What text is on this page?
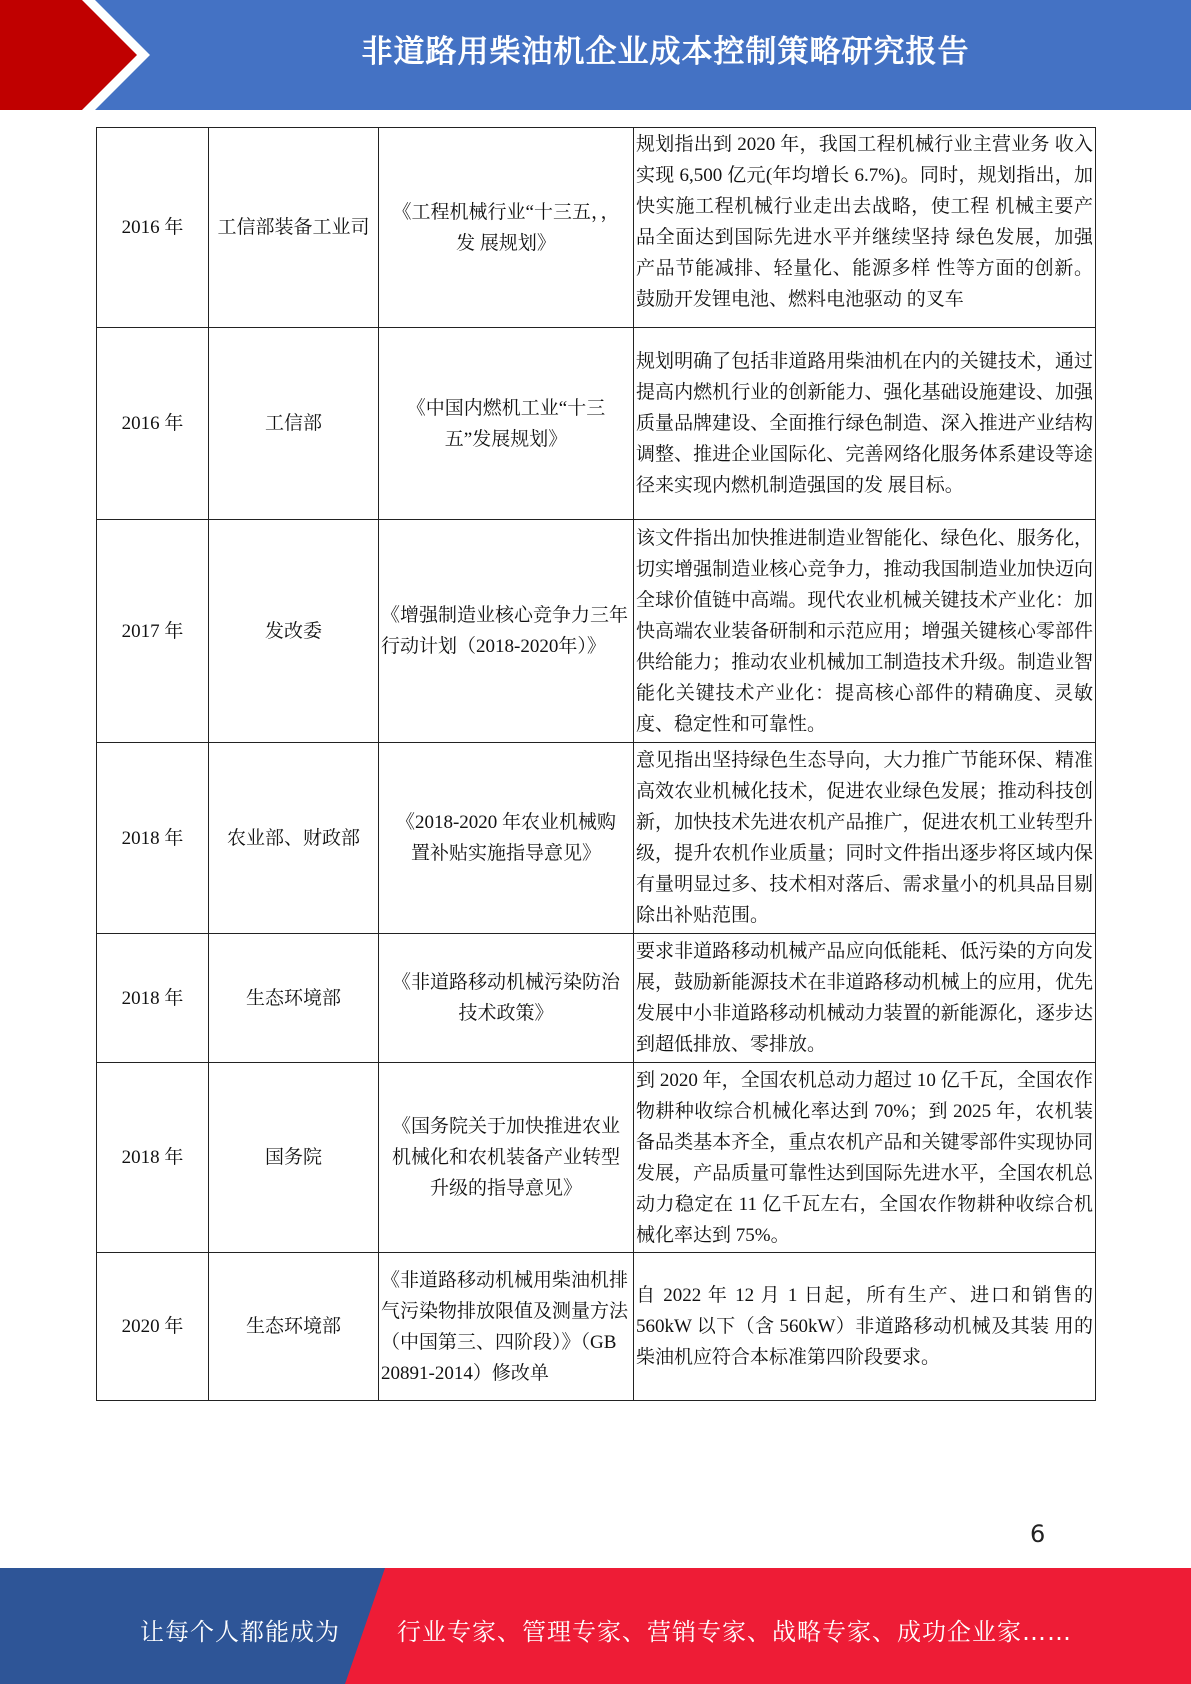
非道路用柴油机企业成本控制策略研究报告
2016 年	工信部装备工业司	《工程机械行业“十三五，，发 展规划》	规划指出到 2020 年，我国工程机械行业主营业务 收入实现 6,500 亿元(年均增长 6.7%)。同时，规划指出，加快实施工程机械行业走出去战略，使工程 机械主要产品全面达到国际先进水平并继续坚持 绿色发展，加强产品节能减排、轻量化、能源多样 性等方面的创新。鼓励开发锂电池、燃料电池驱动 的叉车

2016 年	工信部	《中国内燃机工业“十三五”发展规划》	规划明确了包括非道路用柴油机在内的关键技术，通过提高内燃机行业的创新能力、强化基础设施建设、加强质量品牌建设、全面推行绿色制造、深入推进产业结构调整、推进企业国际化、完善网络化服务体系建设等途径来实现内燃机制造强国的发 展目标。
2017 年	发改委	《增强制造业核心竞争力三年行动计划（2018-2020年）》	该文件指出加快推进制造业智能化、绿色化、服务化，切实增强制造业核心竞争力，推动我国制造业加快迈向全球价值链中高端。现代农业机械关键技术产业化：加快高端农业装备研制和示范应用；增强关键核心零部件供给能力；推动农业机械加工制造技术升级。制造业智能化关键技术产业化：提高核心部件的精确度、灵敏度、稳定性和可靠性。
2018 年	农业部、财政部	《2018-2020 年农业机械购置补贴实施指导意见》	意见指出坚持绿色生态导向，大力推广节能环保、精准高效农业机械化技术，促进农业绿色发展；推动科技创新，加快技术先进农机产品推广，促进农机工业转型升级，提升农机作业质量；同时文件指出逐步将区域内保有量明显过多、技术相对落后、需求量小的机具品目剔除出补贴范围。
2018 年	生态环境部	《非道路移动机械污染防治技术政策》	要求非道路移动机械产品应向低能耗、低污染的方向发展，鼓励新能源技术在非道路移动机械上的应用，优先发展中小非道路移动机械动力装置的新能源化，逐步达到超低排放、零排放。
2018 年	国务院	《国务院关于加快推进农业机械化和农机装备产业转型升级的指导意见》	到 2020 年，全国农机总动力超过 10 亿千瓦，全国农作物耕种收综合机械化率达到 70%；到 2025 年，农机装备品类基本齐全，重点农机产品和关键零部件实现协同发展，产品质量可靠性达到国际先进水平，全国农机总动力稳定在 11 亿千瓦左右，全国农作物耕种收综合机械化率达到 75%。
2020 年	生态环境部	《非道路移动机械用柴油机排气污染物排放限值及测量方法（中国第三、四阶段）》（GB 20891-2014）修改单	自 2022 年 12 月 1 日起，所有生产、进口和销售的 560kW 以下（含 560kW）非道路移动机械及其装 用的柴油机应符合本标准第四阶段要求。
6
让每个人都能成为 行业专家、管理专家、营销专家、战略专家、成功企业家……
